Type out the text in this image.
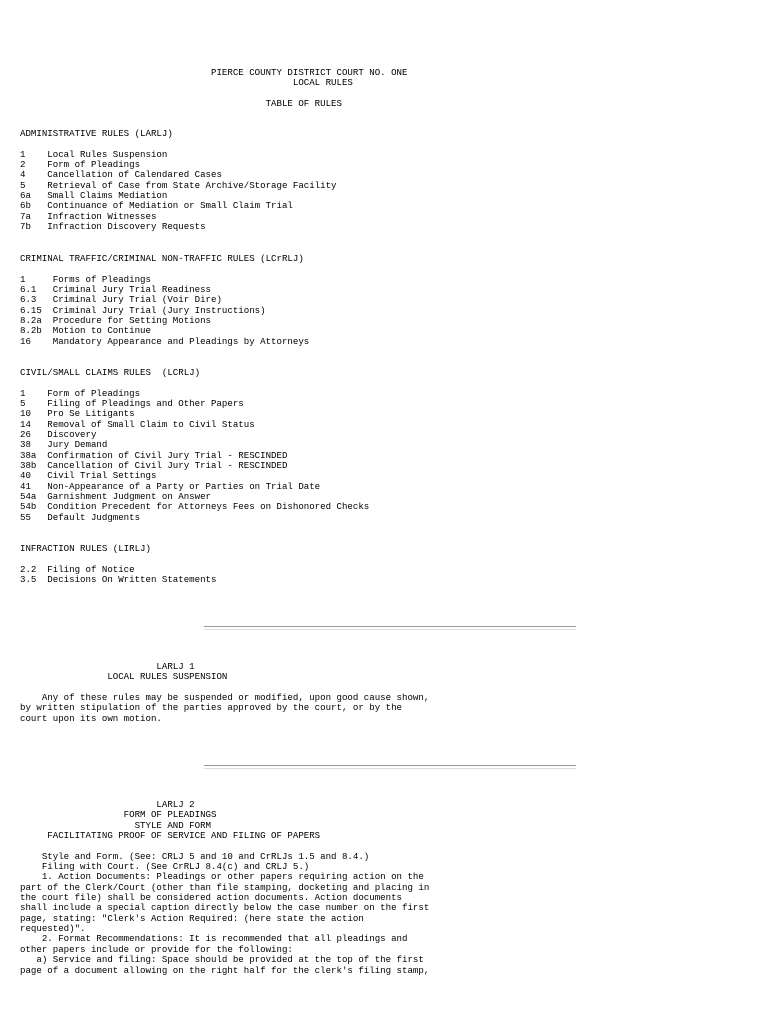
PIERCE COUNTY DISTRICT COURT NO. ONE
LOCAL RULES

TABLE OF RULES
ADMINISTRATIVE RULES (LARLJ)

1    Local Rules Suspension
2    Form of Pleadings
4    Cancellation of Calendared Cases
5    Retrieval of Case from State Archive/Storage Facility
6a   Small Claims Mediation
6b   Continuance of Mediation or Small Claim Trial
7a   Infraction Witnesses
7b   Infraction Discovery Requests
CRIMINAL TRAFFIC/CRIMINAL NON-TRAFFIC RULES (LCrRLJ)

1     Forms of Pleadings
6.1   Criminal Jury Trial Readiness
6.3   Criminal Jury Trial (Voir Dire)
6.15  Criminal Jury Trial (Jury Instructions)
8.2a  Procedure for Setting Motions
8.2b  Motion to Continue
16    Mandatory Appearance and Pleadings by Attorneys
CIVIL/SMALL CLAIMS RULES  (LCRLJ)

1    Form of Pleadings
5    Filing of Pleadings and Other Papers
10   Pro Se Litigants
14   Removal of Small Claim to Civil Status
26   Discovery
38   Jury Demand
38a  Confirmation of Civil Jury Trial - RESCINDED
38b  Cancellation of Civil Jury Trial - RESCINDED
40   Civil Trial Settings
41   Non-Appearance of a Party or Parties on Trial Date
54a  Garnishment Judgment on Answer
54b  Condition Precedent for Attorneys Fees on Dishonored Checks
55   Default Judgments
INFRACTION RULES (LIRLJ)

2.2  Filing of Notice
3.5  Decisions On Written Statements
LARLJ 1
LOCAL RULES SUSPENSION

Any of these rules may be suspended or modified, upon good cause shown,
by written stipulation of the parties approved by the court, or by the
court upon its own motion.
LARLJ 2
FORM OF PLEADINGS
STYLE AND FORM
FACILITATING PROOF OF SERVICE AND FILING OF PAPERS

Style and Form. (See: CRLJ 5 and 10 and CrRLJs 1.5 and 8.4.)
Filing with Court. (See CrRLJ 8.4(c) and CRLJ 5.)
1. Action Documents: Pleadings or other papers requiring action on the
part of the Clerk/Court (other than file stamping, docketing and placing in
the court file) shall be considered action documents. Action documents
shall include a special caption directly below the case number on the first
page, stating: "Clerk's Action Required: (here state the action
requested)".
2. Format Recommendations: It is recommended that all pleadings and
other papers include or provide for the following:
a) Service and filing: Space should be provided at the top of the first
page of a document allowing on the right half for the clerk's filing stamp,
